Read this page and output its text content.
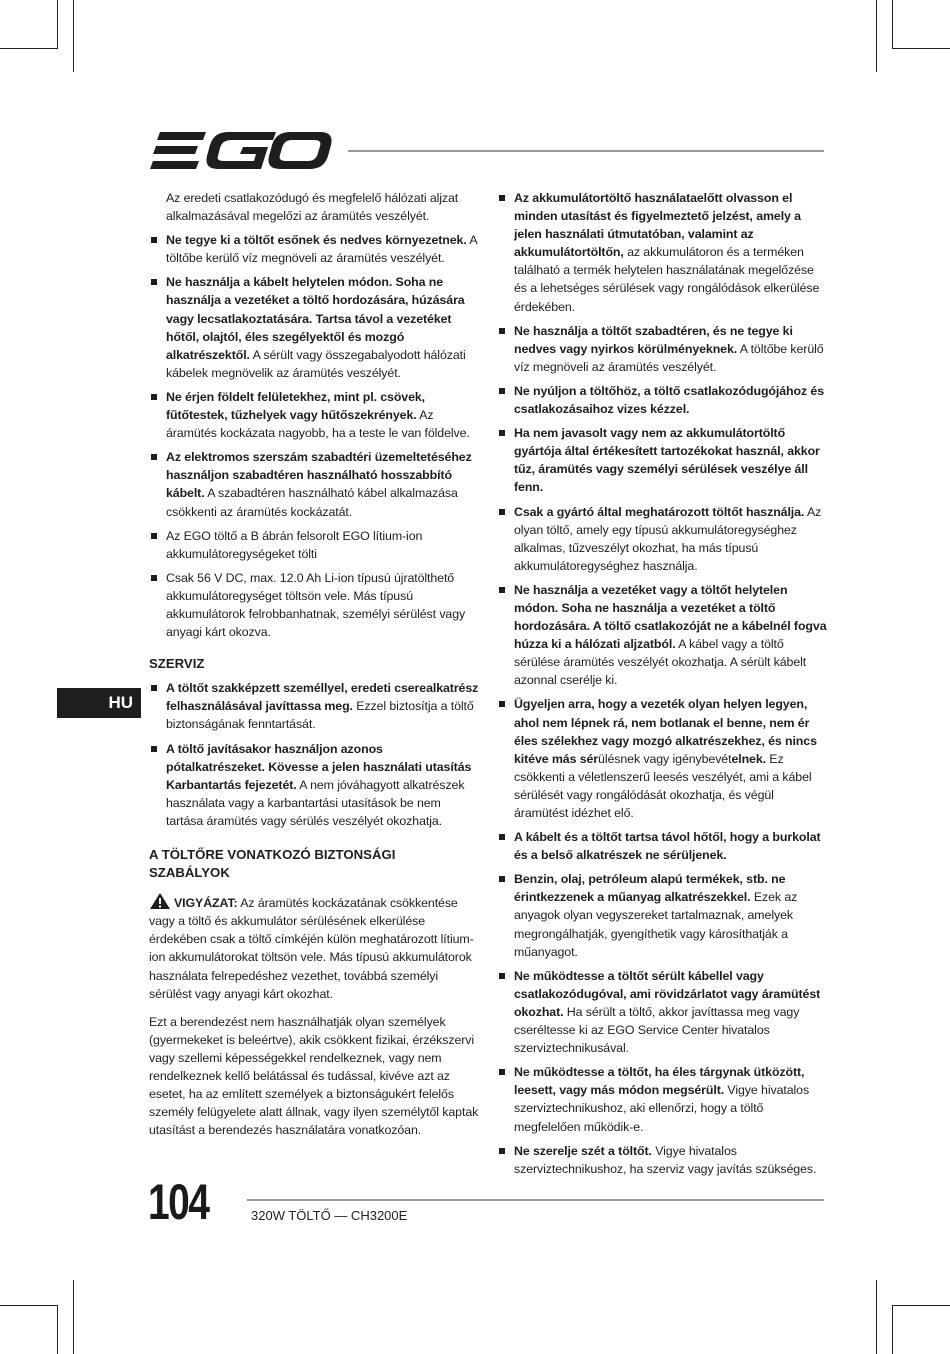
HU
Az eredeti csatlakozódugó és megfelelő hálózati aljzat alkalmazásával megelőzi az áramütés veszélyét.
Ne tegye ki a töltőt esőnek és nedves környezetnek. A töltőbe kerülő víz megnöveli az áramütés veszélyét.
Ne használja a kábelt helytelen módon. Soha ne használja a vezetéket a töltő hordozására, húzására vagy lecsatlakoztatására. Tartsa távol a vezetéket hőtől, olajtól, éles szegélyektől és mozgó alkatrészektől. A sérült vagy összegabalyodott hálózati kábelek megnövelik az áramütés veszélyét.
Ne érjen földelt felületekhez, mint pl. csövek, fűtőtestek, tűzhelyek vagy hűtőszekrények. Az áramütés kockázata nagyobb, ha a teste le van földelve.
Az elektromos szerszám szabadtéri üzemeltetéséhez használjon szabadtéren használható hosszabbító kábelt. A szabadtéren használható kábel alkalmazása csökkenti az áramütés kockázatát.
Az EGO töltő a B ábrán felsorolt EGO lítium-ion akkumulátoregységeket tölti
Csak 56 V DC, max. 12.0 Ah Li-ion típusú újratölthető akkumulátoregységet töltsön vele. Más típusú akkumulátorok felrobbanhatnak, személyi sérülést vagy anyagi kárt okozva.
SZERVIZ
A töltőt szakképzett személlyel, eredeti cserealkatrész felhasználásával javíttassa meg. Ezzel biztosítja a töltő biztonságának fenntartását.
A töltő javításakor használjon azonos pótalkatrészeket. Kövesse a jelen használati utasítás Karbantartás fejezetét. A nem jóváhagyott alkatrészek használata vagy a karbantartási utasítások be nem tartása áramütés vagy sérülés veszélyét okozhatja.
A TÖLTŐRE VONATKOZÓ BIZTONSÁGI SZABÁLYOK

VIGYÁZAT: Az áramütés kockázatának csökkentése vagy a töltő és akkumulátor sérülésének elkerülése érdekében csak a töltő címkéjén külön meghatározott lítium-ion akkumulátorokat töltsön vele. Más típusú akkumulátorok használata felrepedéshez vezethet, továbbá személyi sérülést vagy anyagi kárt okozhat.

Ezt a berendezést nem használhatják olyan személyek (gyermekeket is beleértve), akik csökkent fizikai, érzékszervi vagy szellemi képességekkel rendelkeznek, vagy nem rendelkeznek kellő belátással és tudással, kivéve azt az esetet, ha az említett személyek a biztonságukért felelős személy felügyelete alatt állnak, vagy ilyen személytől kaptak utasítást a berendezés használatára vonatkozóan.

Az akkumulátortöltő használataelőtt olvasson el minden utasítást és figyelmeztető jelzést, amely a jelen használati útmutatóban, valamint az akkumulátortöltőn, az akkumulátoron és a terméken található a termék helytelen használatának megelőzése és a lehetséges sérülések vagy rongálódások elkerülése érdekében.
Ne használja a töltőt szabadtéren, és ne tegye ki nedves vagy nyirkos körülményeknek. A töltőbe kerülő víz megnöveli az áramütés veszélyét.
Ne nyúljon a töltőhöz, a töltő csatlakozódugójához és csatlakozásaihoz vizes kézzel.
Ha nem javasolt vagy nem az akkumulátortöltő gyártója által értékesített tartozékokat használ, akkor tűz, áramütés vagy személyi sérülések veszélye áll fenn.
Csak a gyártó által meghatározott töltőt használja. Az olyan töltő, amely egy típusú akkumulátoregységhez alkalmas, tűzveszélyt okozhat, ha más típusú akkumulátoregységhez használja.
Ne használja a vezetéket vagy a töltőt helytelen módon. Soha ne használja a vezetéket a töltő hordozására. A töltő csatlakozóját ne a kábelnél fogva húzza ki a hálózati aljzatból. A kábel vagy a töltő sérülése áramütés veszélyét okozhatja. A sérült kábelt azonnal cserélje ki.
Ügyeljen arra, hogy a vezeték olyan helyen legyen, ahol nem lépnek rá, nem botlanak el benne, nem ér éles szélekhez vagy mozgó alkatrészekhez, és nincs kitéve más sérülésnek vagy igénybevételnek. Ez csökkenti a véletlenszerű leesés veszélyét, ami a kábel sérülését vagy rongálódását okozhatja, és végül áramütést idézhet elő.
A kábelt és a töltőt tartsa távol hőtől, hogy a burkolat és a belső alkatrészek ne sérüljenek.
Benzin, olaj, petróleum alapú termékek, stb. ne érintkezzenek a műanyag alkatrészekkel. Ezek az anyagok olyan vegyszereket tartalmaznak, amelyek megrongálhatják, gyengíthetik vagy károsíthatják a műanyagot.
Ne működtesse a töltőt sérült kábellel vagy csatlakozódugóval, ami rövidzárlatot vagy áramütést okozhat. Ha sérült a töltő, akkor javíttassa meg vagy cseréltesse ki az EGO Service Center hivatalos szerviztechnikusával.
Ne működtesse a töltőt, ha éles tárgynak ütközött, leesett, vagy más módon megsérült. Vigye hivatalos szerviztechnikushoz, aki ellenőrzi, hogy a töltő megfelelően működik-e.
Ne szerelje szét a töltőt. Vigye hivatalos szerviztechnikushoz, ha szerviz vagy javítás szükséges.
104	320W TÖLTŐ — CH3200E
